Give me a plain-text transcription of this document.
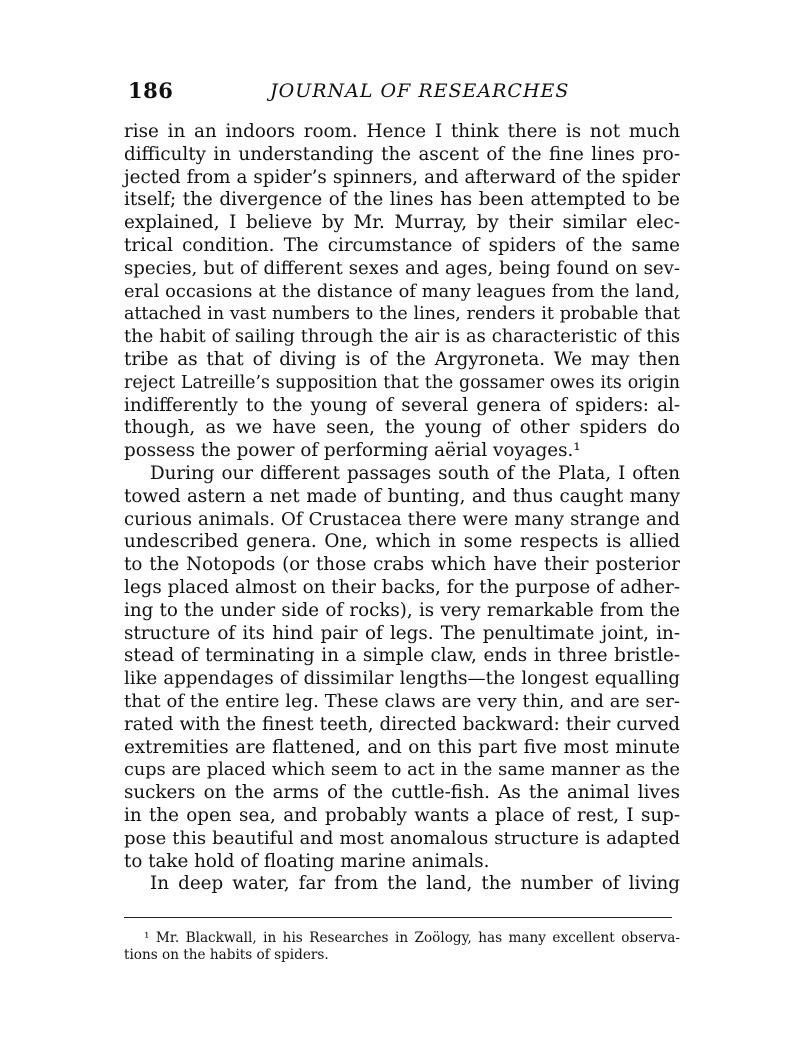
186	JOURNAL OF RESEARCHES
rise in an indoors room. Hence I think there is not much
difficulty in understanding the ascent of the fine lines pro-
jected from a spider’s spinners, and afterward of the spider
itself; the divergence of the lines has been attempted to be
explained, I believe by Mr. Murray, by their similar elec-
trical condition. The circumstance of spiders of the same
species, but of different sexes and ages, being found on sev-
eral occasions at the distance of many leagues from the land,
attached in vast numbers to the lines, renders it probable that
the habit of sailing through the air is as characteristic of this
tribe as that of diving is of the Argyroneta. We may then
reject Latreille’s supposition that the gossamer owes its origin
indifferently to the young of several genera of spiders: al-
though, as we have seen, the young of other spiders do
possess the power of performing aërial voyages.¹
During our different passages south of the Plata, I often
towed astern a net made of bunting, and thus caught many
curious animals. Of Crustacea there were many strange and
undescribed genera. One, which in some respects is allied
to the Notopods (or those crabs which have their posterior
legs placed almost on their backs, for the purpose of adher-
ing to the under side of rocks), is very remarkable from the
structure of its hind pair of legs. The penultimate joint, in-
stead of terminating in a simple claw, ends in three bristle-
like appendages of dissimilar lengths—the longest equalling
that of the entire leg. These claws are very thin, and are ser-
rated with the finest teeth, directed backward: their curved
extremities are flattened, and on this part five most minute
cups are placed which seem to act in the same manner as the
suckers on the arms of the cuttle-fish. As the animal lives
in the open sea, and probably wants a place of rest, I sup-
pose this beautiful and most anomalous structure is adapted
to take hold of floating marine animals.
In deep water, far from the land, the number of living
¹ Mr. Blackwall, in his Researches in Zoölogy, has many excellent observa-
tions on the habits of spiders.
